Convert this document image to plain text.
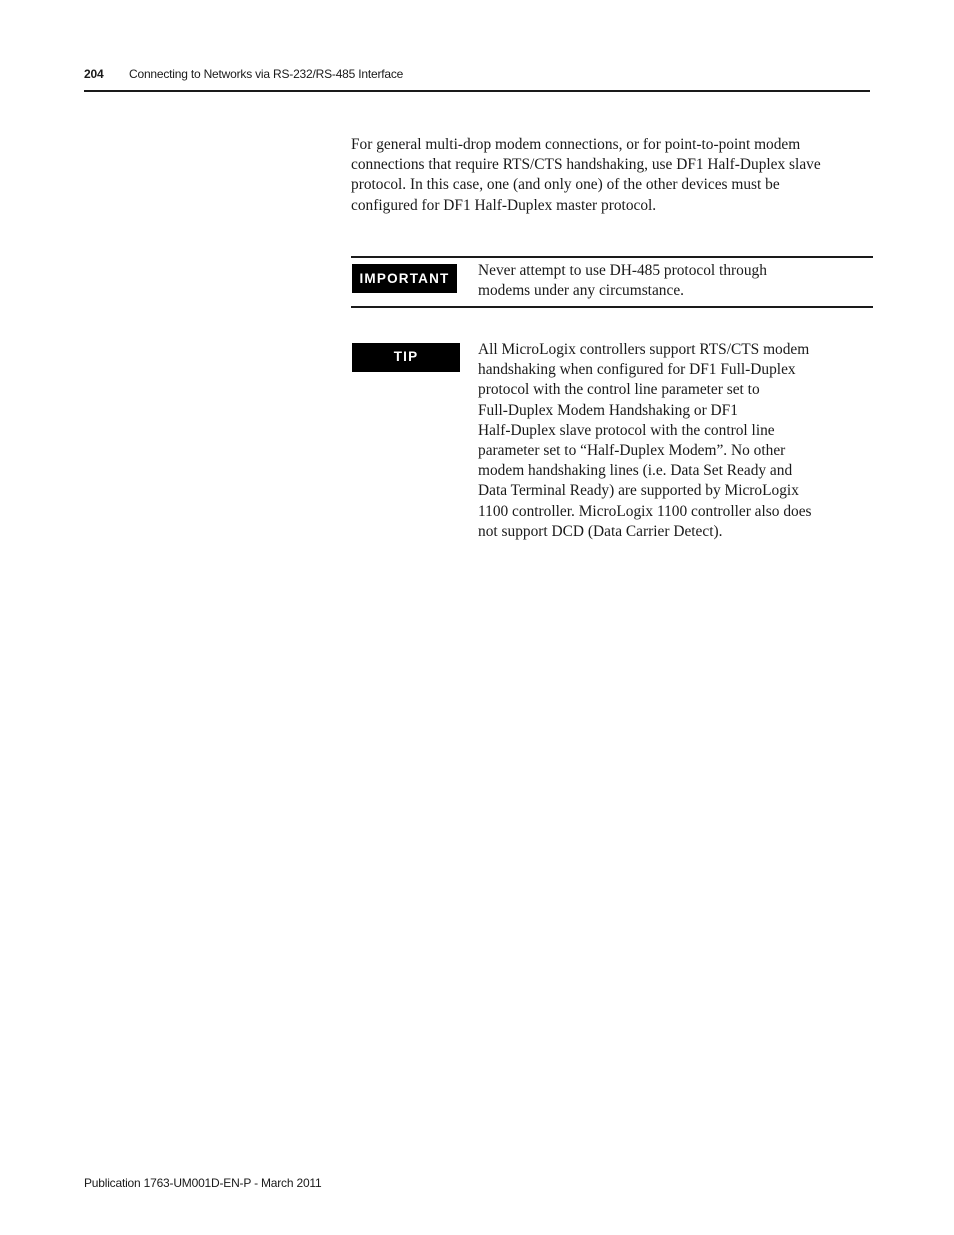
204 Connecting to Networks via RS-232/RS-485 Interface
For general multi-drop modem connections, or for point-to-point modem
connections that require RTS/CTS handshaking, use DF1 Half-Duplex slave
protocol. In this case, one (and only one) of the other devices must be
configured for DF1 Half-Duplex master protocol.
IMPORTANT	Never attempt to use DH-485 protocol through
modems under any circumstance.
TIP	All MicroLogix controllers support RTS/CTS modem
handshaking when configured for DF1 Full-Duplex
protocol with the control line parameter set to
Full-Duplex Modem Handshaking or DF1
Half-Duplex slave protocol with the control line
parameter set to “Half-Duplex Modem”. No other
modem handshaking lines (i.e. Data Set Ready and
Data Terminal Ready) are supported by MicroLogix
1100 controller. MicroLogix 1100 controller also does
not support DCD (Data Carrier Detect).
Publication 1763-UM001D-EN-P - March 2011
